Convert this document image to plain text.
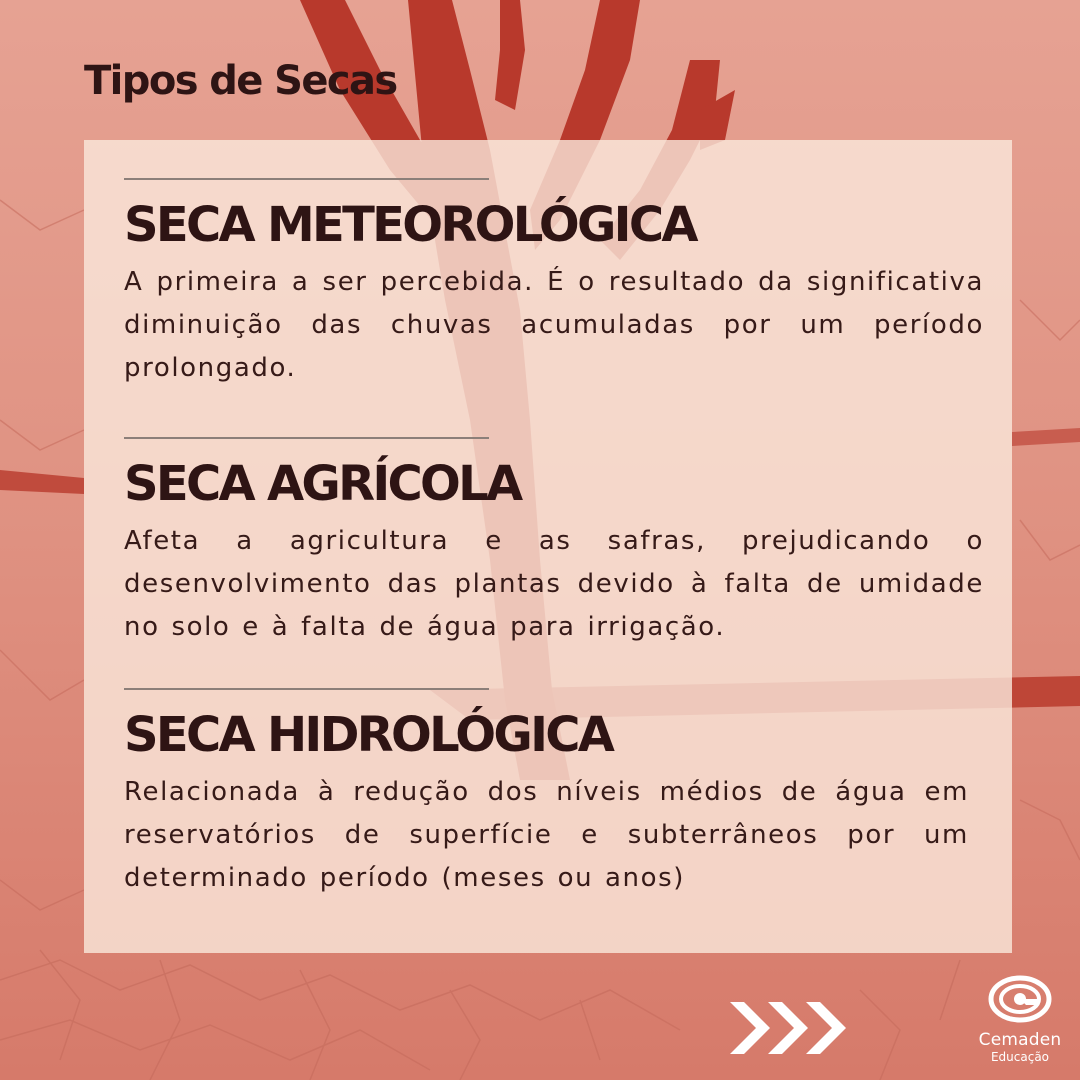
Tipos de Secas
SECA METEOROLÓGICA

A primeira a ser percebida. É o resultado da significativa diminuição das chuvas acumuladas por um período prolongado.

SECA AGRÍCOLA

Afeta a agricultura e as safras, prejudicando o desenvolvimento das plantas devido à falta de umidade no solo e à falta de água para irrigação.

SECA HIDROLÓGICA

Relacionada à redução dos níveis médios de água em reservatórios de superfície e subterrâneos por um determinado período (meses ou anos)

Cemaden
Educação
